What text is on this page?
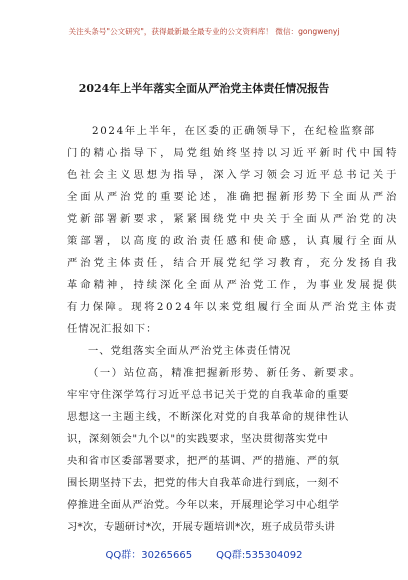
关注头条号"公文研究"，获得最新最全最专业的公文资料库！ 微信：gongwenyj
2024年上半年落实全面从严治党主体责任情况报告
2024年上半年，在区委的正确领导下，在纪检监察部
门的精心指导下，局党组始终坚持以习近平新时代中国特
色社会主义思想为指导，深入学习领会习近平总书记关于
全面从严治党的重要论述，准确把握新形势下全面从严治
党新部署新要求，紧紧围绕党中央关于全面从严治党的决
策部署，以高度的政治责任感和使命感，认真履行全面从
严治党主体责任，结合开展党纪学习教育，充分发扬自我
革命精神，持续深化全面从严治党工作，为事业发展提供
有力保障。现将2024年以来党组履行全面从严治党主体责
任情况汇报如下：
一、党组落实全面从严治党主体责任情况
（一）站位高，精准把握新形势、新任务、新要求。
牢牢守住深学笃行习近平总书记关于党的自我革命的重要
思想这一主题主线，不断深化对党的自我革命的规律性认
识，深刻领会"九个以"的实践要求，坚决贯彻落实党中
央和省市区委部署要求，把严的基调、严的措施、严的氛
围长期坚持下去，把党的伟大自我革命进行到底，一刻不
停推进全面从严治党。今年以来，开展理论学习中心组学
习*次，专题研讨*次，开展专题培训*次，班子成员带头讲
QQ群：30265665 QQ群:535304092
